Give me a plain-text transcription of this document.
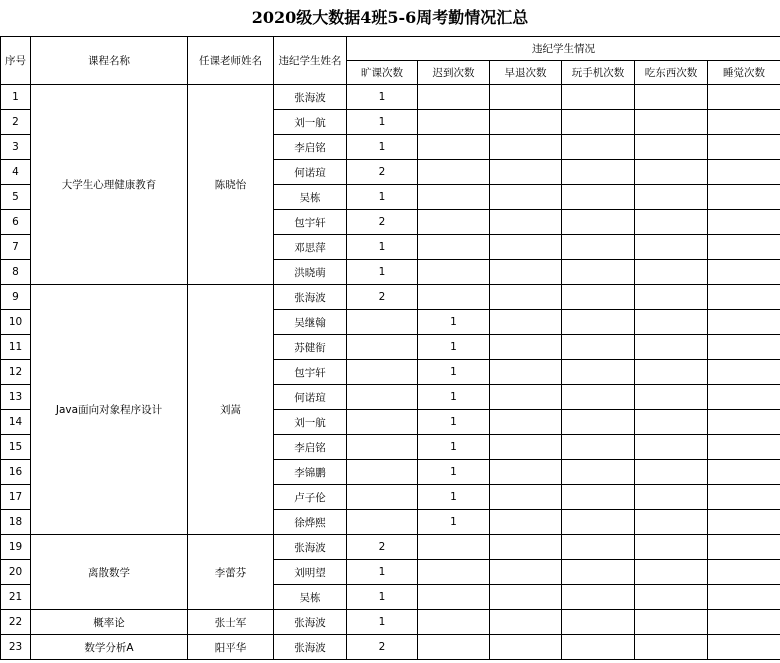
2020级大数据4班5-6周考勤情况汇总
序号	课程名称	任课老师姓名	违纪学生姓名	违纪学生情况					
				旷课次数	迟到次数	早退次数	玩手机次数	吃东西次数	睡觉次数
1	大学生心理健康教育	陈晓怡	张海波	1					
2			刘一航	1					
3			李启铭	1					
4			何诺瑄	2					
5			吴栋	1					
6			包宇轩	2					
7			邓思萍	1					
8			洪晓萌	1					
9	Java面向对象程序设计	刘嵩	张海波	2					
10			吴继翰		1				
11			苏健衔		1				
12			包宇轩		1				
13			何诺瑄		1				
14			刘一航		1				
15			李启铭		1				
16			李锦鹏		1				
17			卢子伦		1				
18			徐烨熙		1				
19	离散数学	李蕾芬	张海波	2					
20			刘明望	1					
21			吴栋	1					
22	概率论	张士军	张海波	1					
23	数学分析A	阳平华	张海波	2					
